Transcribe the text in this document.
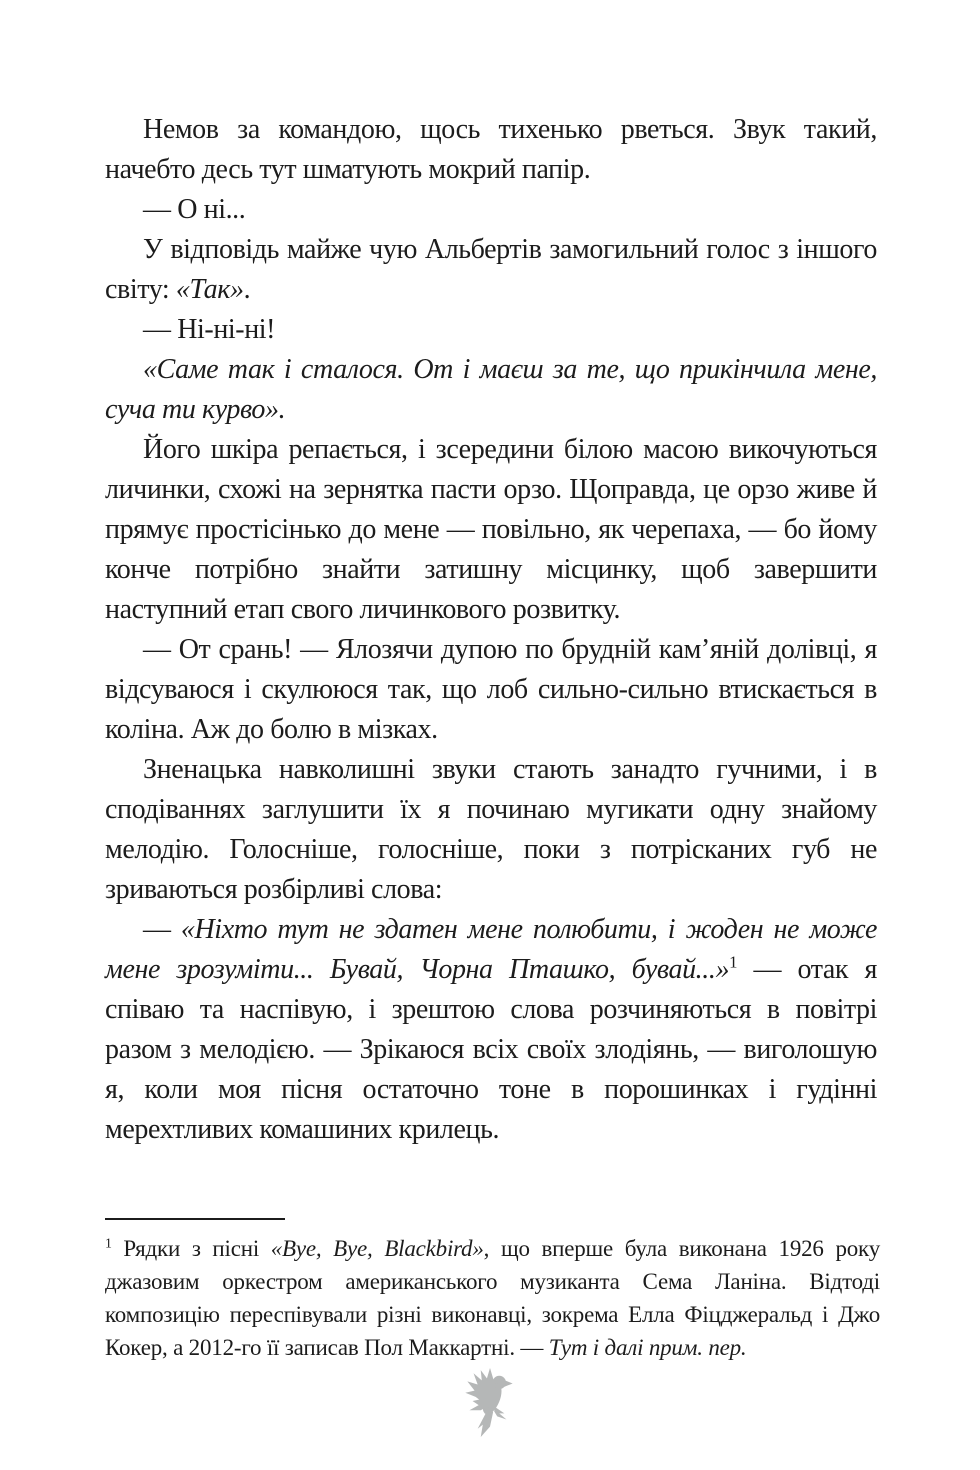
Немов за командою, щось тихенько рветься. Звук такий, начебто десь тут шматують мокрий папір.

— О ні...

У відповідь майже чую Альбертів замогильний голос з іншого світу: «Так».

— Ні-ні-ні!

«Саме так і сталося. От і маєш за те, що прикінчила мене, суча ти курво».

Його шкіра репається, і зсередини білою масою викочуються личинки, схожі на зернятка пасти орзо. Щоправда, це орзо живе й прямує простісінько до мене — повільно, як черепаха, — бо йому конче потрібно знайти затишну місцинку, щоб завершити наступний етап свого личинкового розвитку.

— От срань! — Ялозячи дупою по брудній кам’яній долівці, я відсуваюся і скулююся так, що лоб сильно-сильно втискається в коліна. Аж до болю в мізках.

Зненацька навколишні звуки стають занадто гучними, і в сподіваннях заглушити їх я починаю мугикати одну знайому мелодію. Голосніше, голосніше, поки з потрісканих губ не зриваються розбірливі слова:

— «Ніхто тут не здатен мене полюбити, і жоден не може мене зрозуміти... Бувай, Чорна Пташко, бувай...»$^1$ — отак я співаю та наспівую, і зрештою слова розчиняються в повітрі разом з мелодією. — Зрікаюся всіх своїх злодіянь, — виголошую я, коли моя пісня остаточно тоне в порошинках і гудінні мерехтливих комашиних крилець.

$^1$ Рядки з пісні «Bye, Bye, Blackbird», що вперше була виконана 1926 року джазовим оркестром американського музиканта Сема Ланіна. Відтоді композицію переспівували різні виконавці, зокрема Елла Фіцджеральд і Джо Кокер, а 2012-го її записав Пол Маккартні. — Тут і далі прим. пер.
